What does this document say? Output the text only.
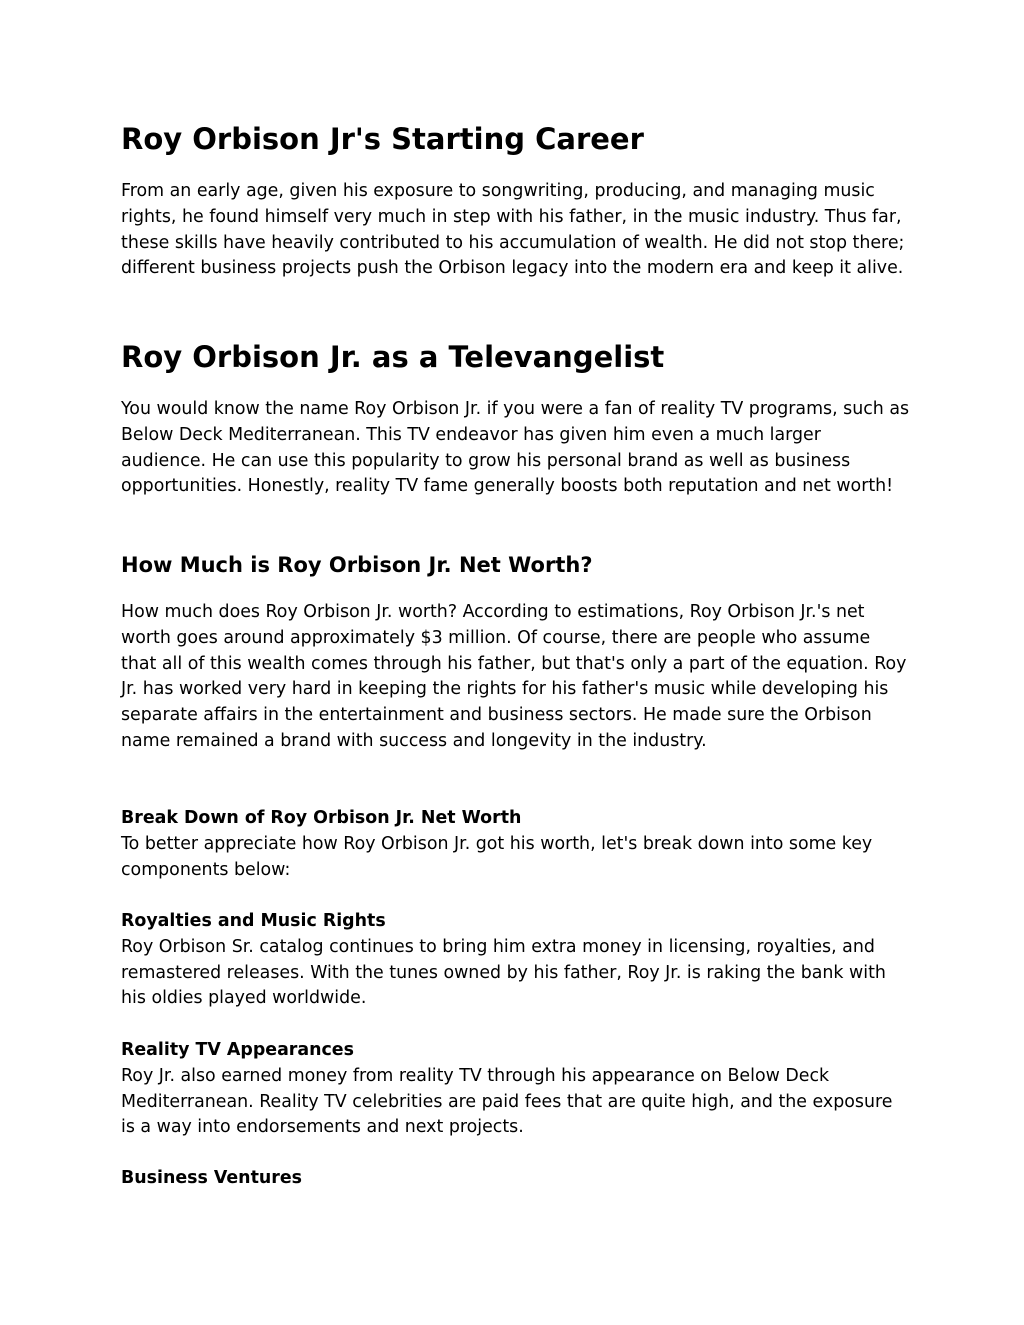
Roy Orbison Jr's Starting Career

From an early age, given his exposure to songwriting, producing, and managing music rights, he found himself very much in step with his father, in the music industry. Thus far, these skills have heavily contributed to his accumulation of wealth. He did not stop there; different business projects push the Orbison legacy into the modern era and keep it alive.

Roy Orbison Jr. as a Televangelist

You would know the name Roy Orbison Jr. if you were a fan of reality TV programs, such as Below Deck Mediterranean. This TV endeavor has given him even a much larger audience. He can use this popularity to grow his personal brand as well as business opportunities. Honestly, reality TV fame generally boosts both reputation and net worth!

How Much is Roy Orbison Jr. Net Worth?

How much does Roy Orbison Jr. worth? According to estimations, Roy Orbison Jr.'s net worth goes around approximately $3 million. Of course, there are people who assume that all of this wealth comes through his father, but that's only a part of the equation. Roy Jr. has worked very hard in keeping the rights for his father's music while developing his separate affairs in the entertainment and business sectors. He made sure the Orbison name remained a brand with success and longevity in the industry.

Break Down of Roy Orbison Jr. Net Worth
To better appreciate how Roy Orbison Jr. got his worth, let's break down into some key components below:

Royalties and Music Rights
Roy Orbison Sr. catalog continues to bring him extra money in licensing, royalties, and remastered releases. With the tunes owned by his father, Roy Jr. is raking the bank with his oldies played worldwide.

Reality TV Appearances
Roy Jr. also earned money from reality TV through his appearance on Below Deck Mediterranean. Reality TV celebrities are paid fees that are quite high, and the exposure is a way into endorsements and next projects.

Business Ventures
